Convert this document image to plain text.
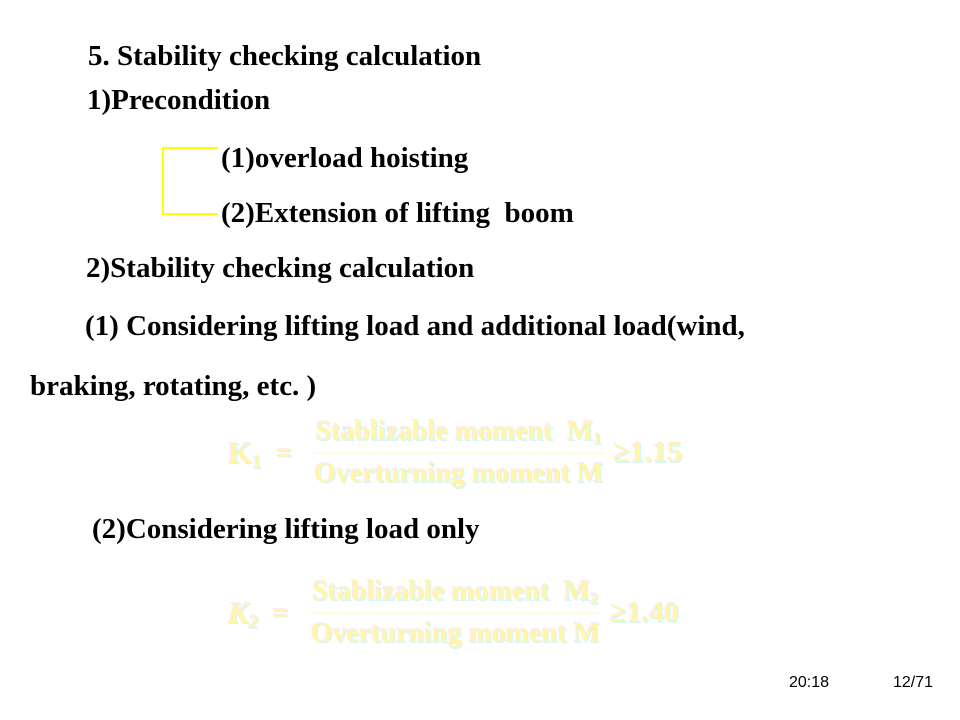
5. Stability checking calculation
1)Precondition
(1)overload hoisting
(2)Extension of lifting  boom
2)Stability checking calculation
(1) Considering lifting load and additional load(wind,
braking, rotating, etc. )
K1 =
Stablizable moment  M1
Overturning moment M
≥1.15
(2)Considering lifting load only
K2 =
Stablizable moment  M2
Overturning moment M
≥1.40
20:18	12/71
